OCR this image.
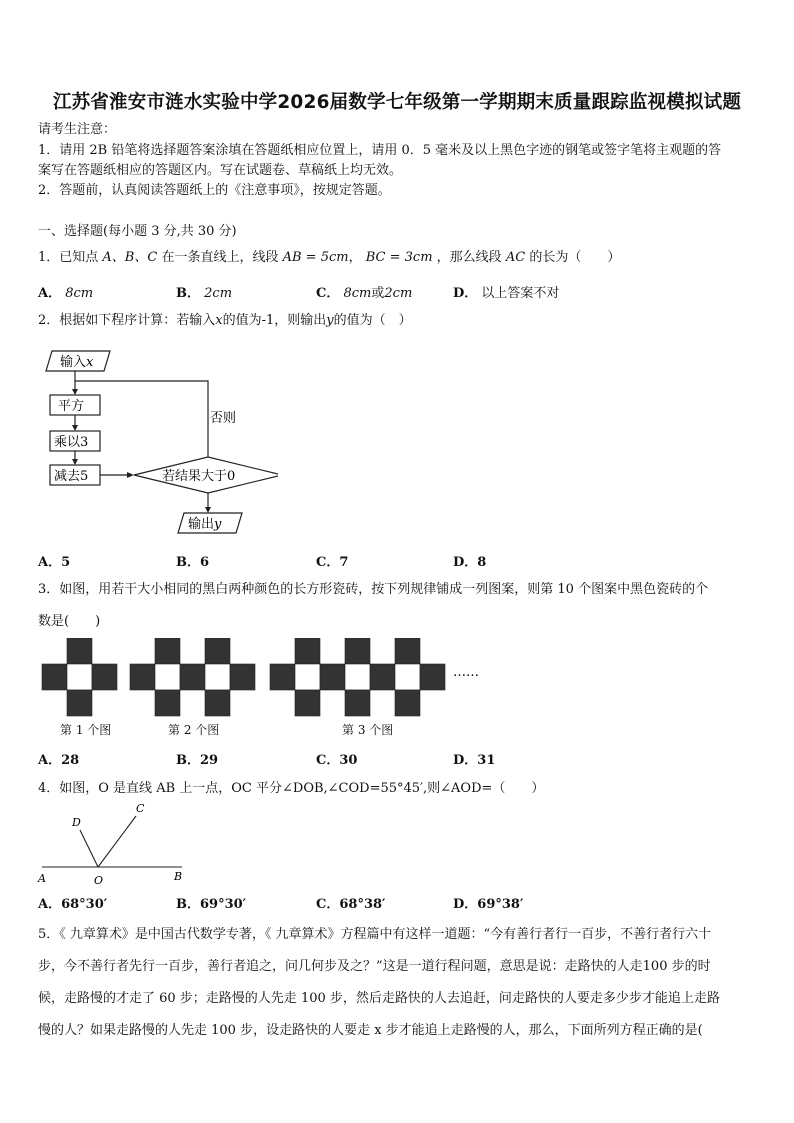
江苏省淮安市涟水实验中学2026届数学七年级第一学期期末质量跟踪监视模拟试题
请考生注意：
1．请用 2B 铅笔将选择题答案涂填在答题纸相应位置上，请用 0．5 毫米及以上黑色字迹的钢笔或签字笔将主观题的答
案写在答题纸相应的答题区内。写在试题卷、草稿纸上均无效。
2．答题前，认真阅读答题纸上的《注意事项》，按规定答题。
一、选择题(每小题 3 分,共 30 分)
1．已知点 A、B、C 在一条直线上，线段 AB = 5cm， BC = 3cm ，那么线段 AC 的长为（　　）
A． 8cm	B． 2cm	C． 8cm或2cm	D． 以上答案不对
2．根据如下程序计算：若输入x的值为-1，则输出y的值为（　）
输入x
平方
乘以3
减去5	若结果大于0
否则
输出y
A．5	B．6	C．7	D．8
3．如图，用若干大小相同的黑白两种颜色的长方形瓷砖，按下列规律铺成一列图案，则第 10 个图案中黑色瓷砖的个
数是(　　)
……
第 1 个图	第 2 个图	第 3 个图
A．28	B．29	C．30	D．31
4．如图，O 是直线 AB 上一点，OC 平分∠DOB,∠COD=55°45′,则∠AOD=（　　）
A	O	B
D
C
A．68°30′	B．69°30′	C．68°38′	D．69°38′
5．《 九章算术》是中国古代数学专著，《 九章算术》方程篇中有这样一道题：“今有善行者行一百步，不善行者行六十
步，今不善行者先行一百步，善行者追之，问几何步及之？”这是一道行程问题，意思是说：走路快的人走100 步的时
候，走路慢的才走了 60 步；走路慢的人先走 100 步，然后走路快的人去追赶，问走路快的人要走多少步才能追上走路
慢的人？如果走路慢的人先走 100 步，设走路快的人要走 x 步才能追上走路慢的人，那么，下面所列方程正确的是(
